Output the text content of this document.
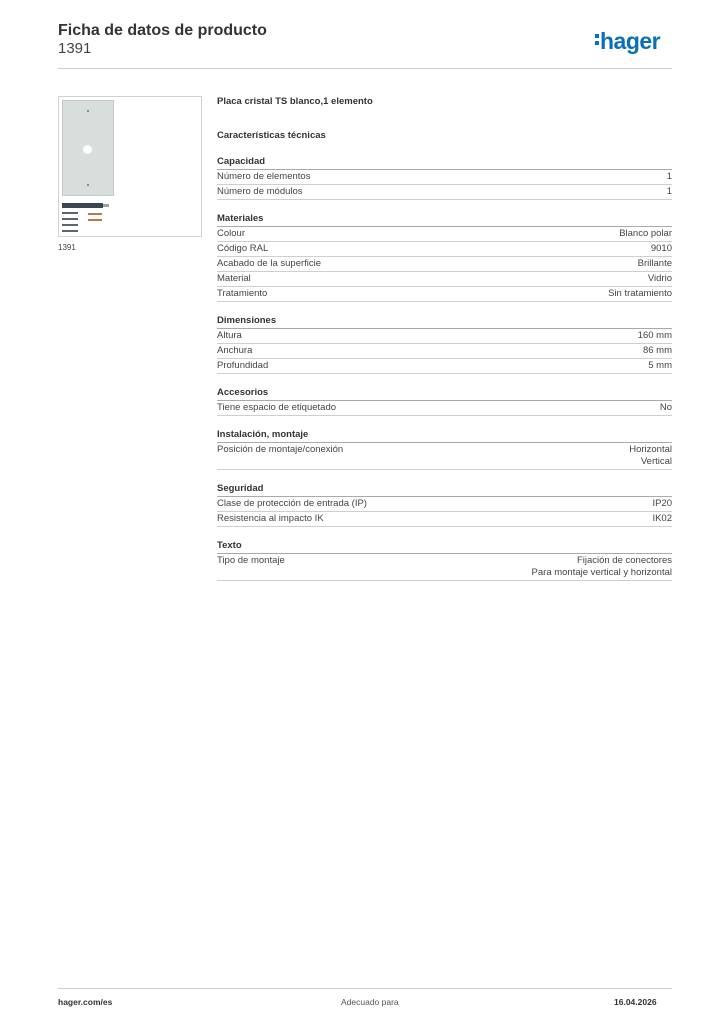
Ficha de datos de producto
1391	hager
1391
Placa cristal TS blanco,1 elemento
Características técnicas
Capacidad
Número de elementos	1
Número de módulos	1
Materiales
Colour	Blanco polar
Código RAL	9010
Acabado de la superficie	Brillante
Material	Vidrio
Tratamiento	Sin tratamiento
Dimensiones
Altura	160 mm
Anchura	86 mm
Profundidad	5 mm
Accesorios
Tiene espacio de etiquetado	No
Instalación, montaje
Posición de montaje/conexión	Horizontal
Vertical
Seguridad
Clase de protección de entrada (IP)	IP20
Resistencia al impacto IK	IK02
Texto
Tipo de montaje	Fijación de conectores
Para montaje vertical y horizontal
hager.com/es	Adecuado para	16.04.2026
